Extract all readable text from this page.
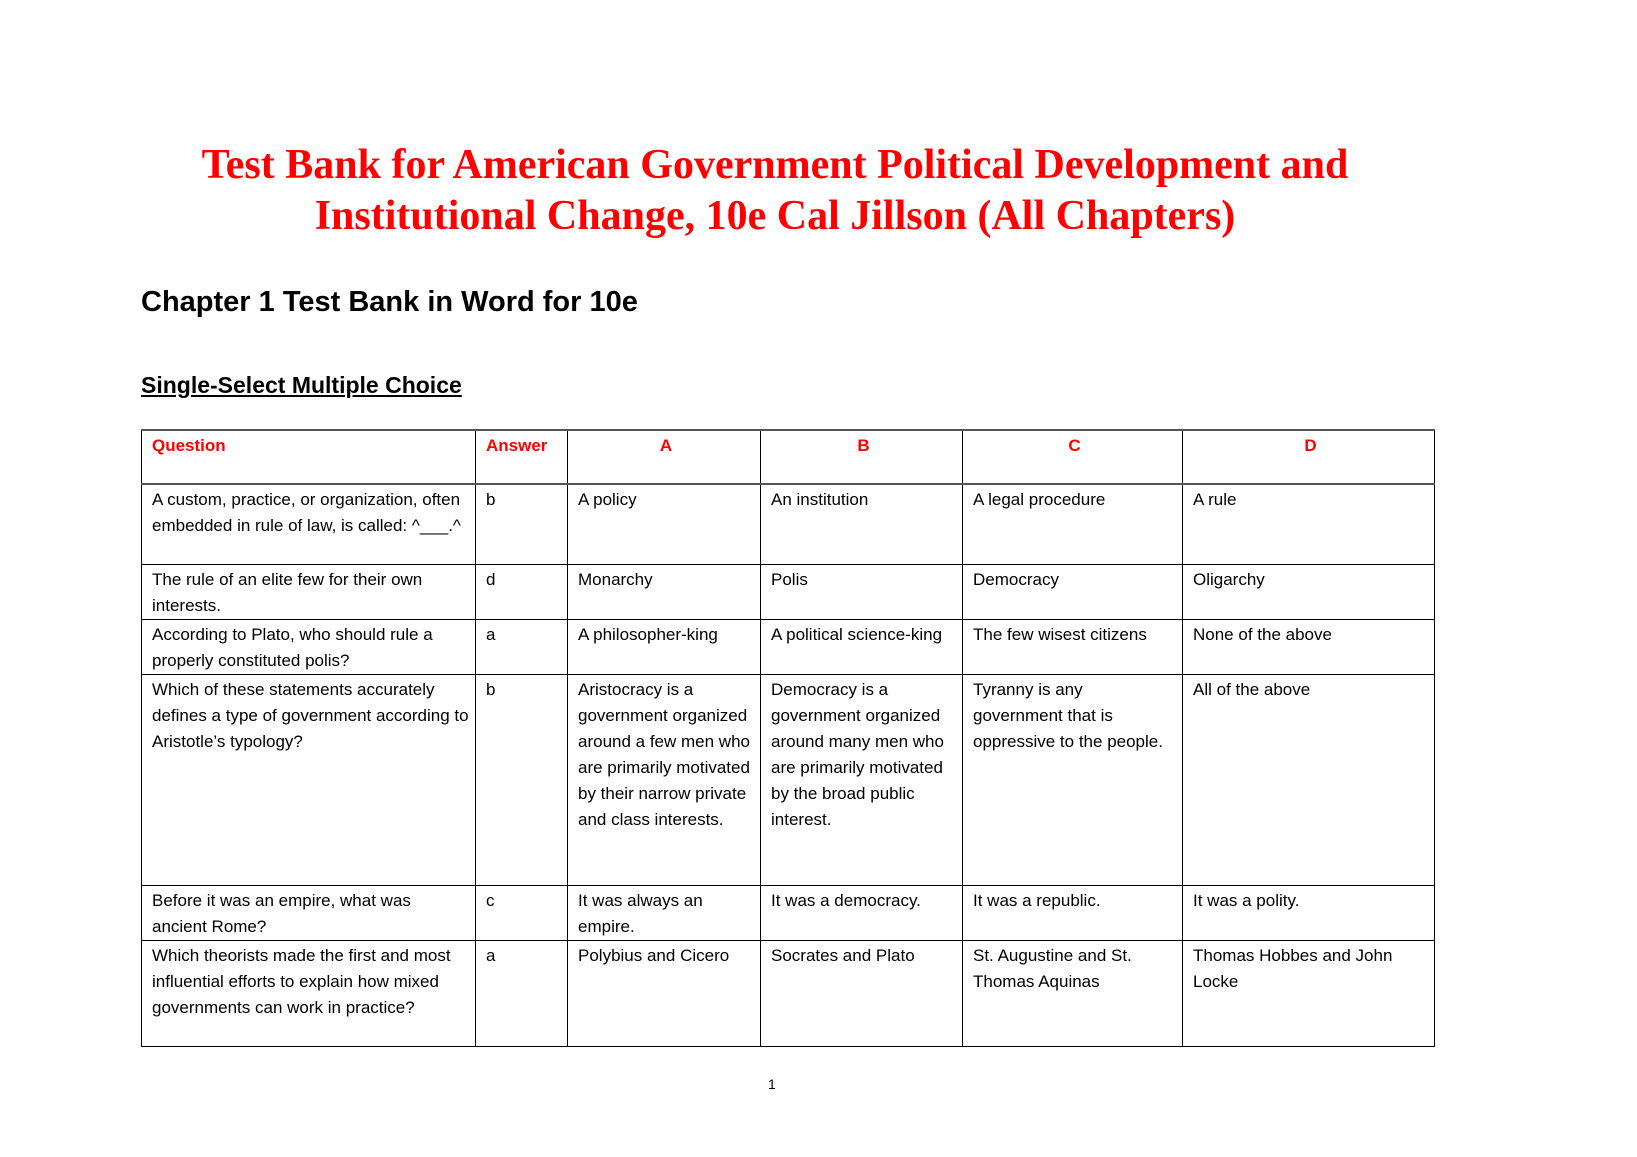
Test Bank for American Government Political Development and Institutional Change, 10e Cal Jillson (All Chapters)
Chapter 1 Test Bank in Word for 10e
Single-Select Multiple Choice
Question	Answer	A	B	C	D
A custom, practice, or organization, often embedded in rule of law, is called: ^___.^	b	A policy	An institution	A legal procedure	A rule
The rule of an elite few for their own interests.	d	Monarchy	Polis	Democracy	Oligarchy
According to Plato, who should rule a properly constituted polis?	a	A philosopher-king	A political science-king	The few wisest citizens	None of the above
Which of these statements accurately defines a type of government according to Aristotle’s typology?	b	Aristocracy is a government organized around a few men who are primarily motivated by their narrow private and class interests.	Democracy is a government organized around many men who are primarily motivated by the broad public interest.	Tyranny is any government that is oppressive to the people.	All of the above
Before it was an empire, what was ancient Rome?	c	It was always an empire.	It was a democracy.	It was a republic.	It was a polity.
Which theorists made the first and most influential efforts to explain how mixed governments can work in practice?	a	Polybius and Cicero	Socrates and Plato	St. Augustine and St. Thomas Aquinas	Thomas Hobbes and John Locke
1
